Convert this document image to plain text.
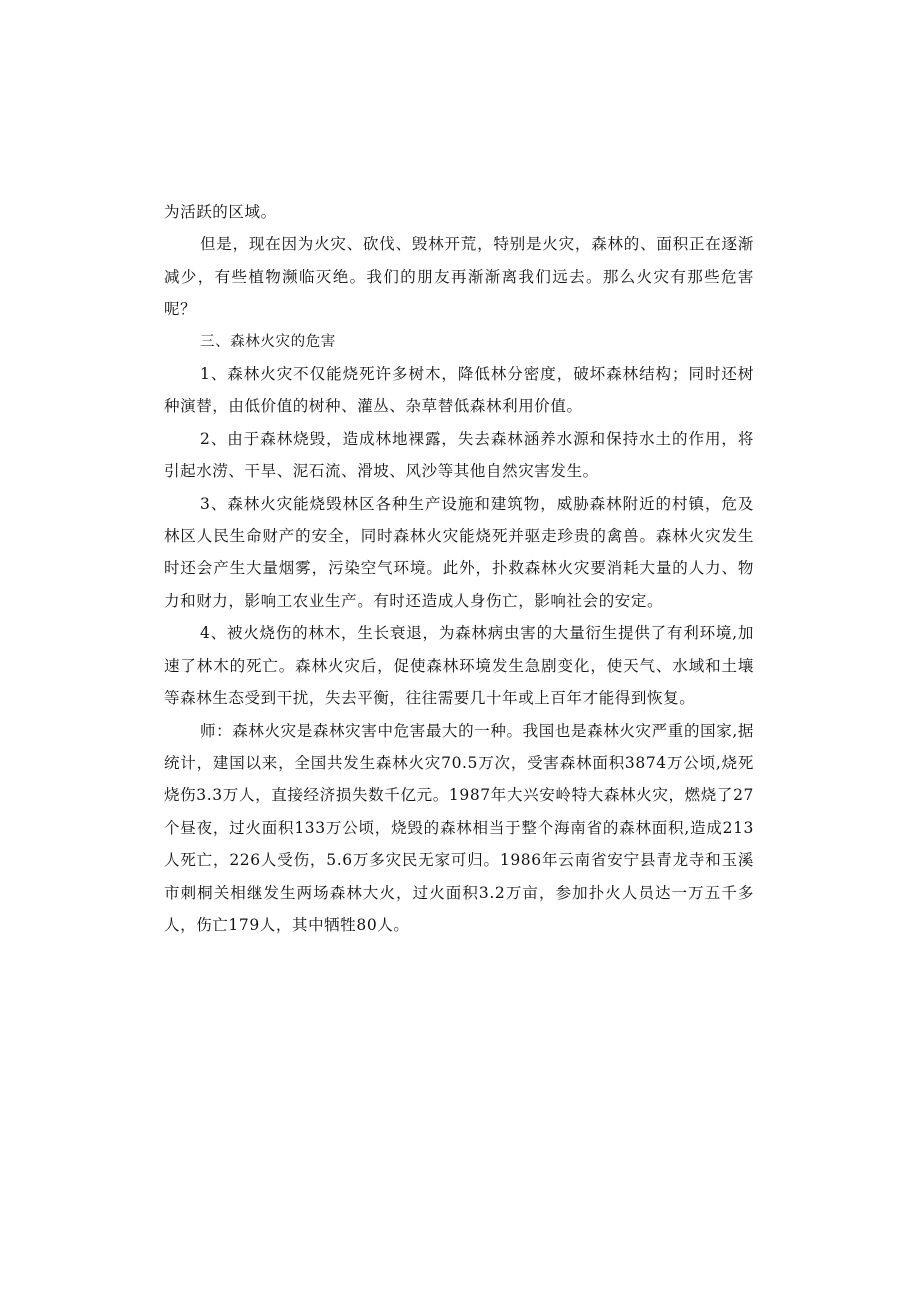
为活跃的区域。

但是，现在因为火灾、砍伐、毁林开荒，特别是火灾，森林的、面积正在逐渐减少，有些植物濒临灭绝。我们的朋友再渐渐离我们远去。那么火灾有那些危害呢？

三、森林火灾的危害

1、森林火灾不仅能烧死许多树木，降低林分密度，破坏森林结构；同时还树种演替，由低价值的树种、灌丛、杂草替低森林利用价值。

2、由于森林烧毁，造成林地裸露，失去森林涵养水源和保持水土的作用，将引起水涝、干旱、泥石流、滑坡、风沙等其他自然灾害发生。

3、森林火灾能烧毁林区各种生产设施和建筑物，威胁森林附近的村镇，危及林区人民生命财产的安全，同时森林火灾能烧死并驱走珍贵的禽兽。森林火灾发生时还会产生大量烟雾，污染空气环境。此外，扑救森林火灾要消耗大量的人力、物力和财力，影响工农业生产。有时还造成人身伤亡，影响社会的安定。

4、被火烧伤的林木，生长衰退，为森林病虫害的大量衍生提供了有利环境,加速了林木的死亡。森林火灾后，促使森林环境发生急剧变化，使天气、水域和土壤等森林生态受到干扰，失去平衡，往往需要几十年或上百年才能得到恢复。

师：森林火灾是森林灾害中危害最大的一种。我国也是森林火灾严重的国家,据统计，建国以来，全国共发生森林火灾70.5万次，受害森林面积3874万公顷,烧死烧伤3.3万人，直接经济损失数千亿元。1987年大兴安岭特大森林火灾，燃烧了27个昼夜，过火面积133万公顷，烧毁的森林相当于整个海南省的森林面积,造成213人死亡，226人受伤，5.6万多灾民无家可归。1986年云南省安宁县青龙寺和玉溪市刺桐关相继发生两场森林大火，过火面积3.2万亩，参加扑火人员达一万五千多人，伤亡179人，其中牺牲80人。
